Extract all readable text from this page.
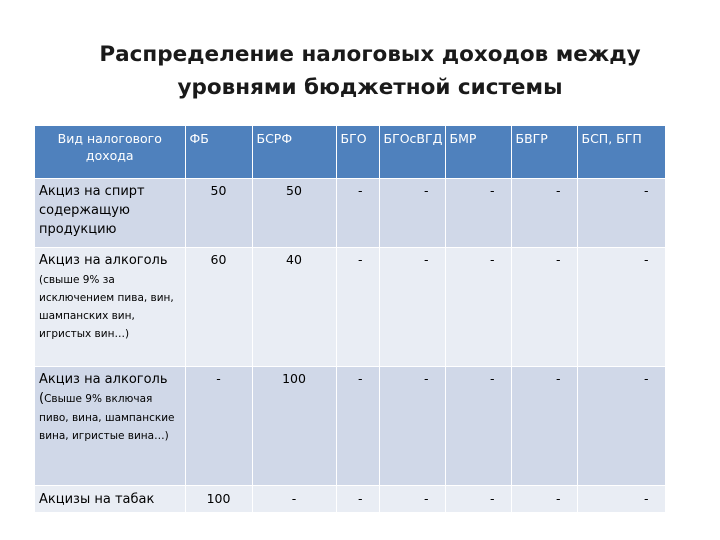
Распределение налоговых доходов между
уровнями бюджетной системы
Вид налогового дохода	ФБ	БСРФ	БГО	БГОсВГД	БМР	БВГР	БСП, БГП
Акциз на спирт содержащую продукцию	50	50	-	-	-	-	-
Акциз на алкоголь (свыше 9% за исключением пива, вин, шампанских вин, игристых вин…)	60	40	-	-	-	-	-
Акциз на алкоголь (Свыше 9% включая пиво, вина, шампанские вина, игристые вина…)	-	100	-	-	-	-	-
Акцизы на табак	100	-	-	-	-	-	-
